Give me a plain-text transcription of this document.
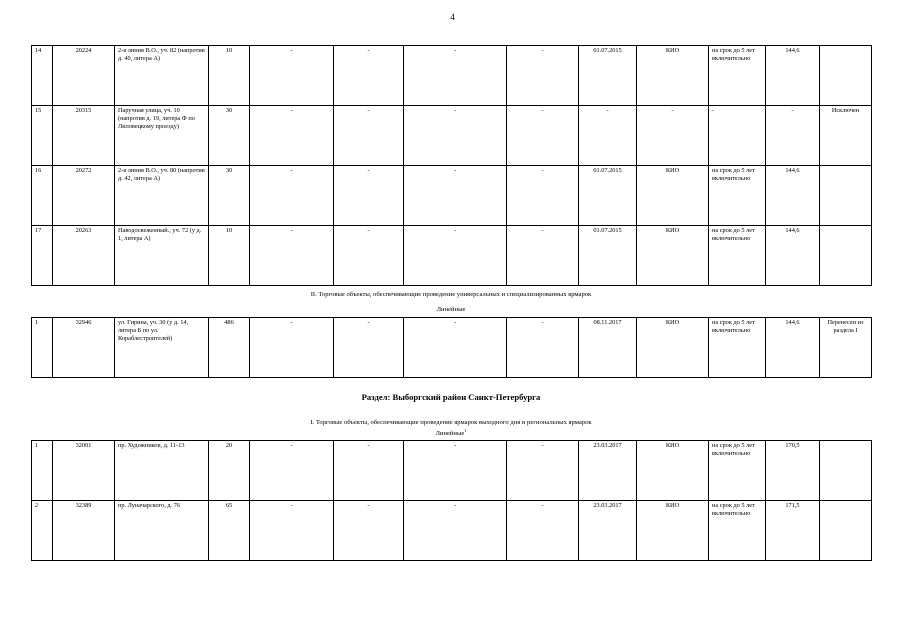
4
14	20224	2-я линия В.О., уч. 82 (напротив д. 40, литера А)	10	-	-	-	-	01.07.2015	КИО	на срок до 5 лет включительно	144,6	
15	20315	Паручная улица, уч. 10 (напротив д. 19, литера Ф по Лиловецкому проезду)	30	-	-	-	-	-	-	-	-	Исключен
16	20272	2-я линия В.О., уч. 80 (напротив д. 42, литера А)	30	-	-	-	-	01.07.2015	КИО	на срок до 5 лет включительно	144,6	
17	20263	Наводосвеженный., уч. 72 (у д. 1, литера А)	10	-	-	-	-	01.07.2015	КИО	на срок до 5 лет включительно	144,6	
II. Торговые объекты, обеспечивающие проведение универсальных и специализированных ярмарок
Линейные
1	32946	ул. Гирина, уч. 30 (у д. 14, литера Б по ул. Кораблестроителей)	486	-	-	-	-	08.11.2017	КИО	на срок до 5 лет включительно	144,6	Перенесен из раздела I
Раздел: Выборгский район Санкт-Петербурга
I. Торговые объекты, обеспечивающие проведение ярмарок выходного дня и региональных ярмарок
Линейные$^1$
1	32001	пр. Художников, д. 11-13	20	-	-	-	-	23.03.2017	КИО	на срок до 5 лет включительно	170,5	
2	32389	пр. Луначарского, д. 76	65	-	-	-	-	23.03.2017	КИО	на срок до 5 лет включительно	171,5	
